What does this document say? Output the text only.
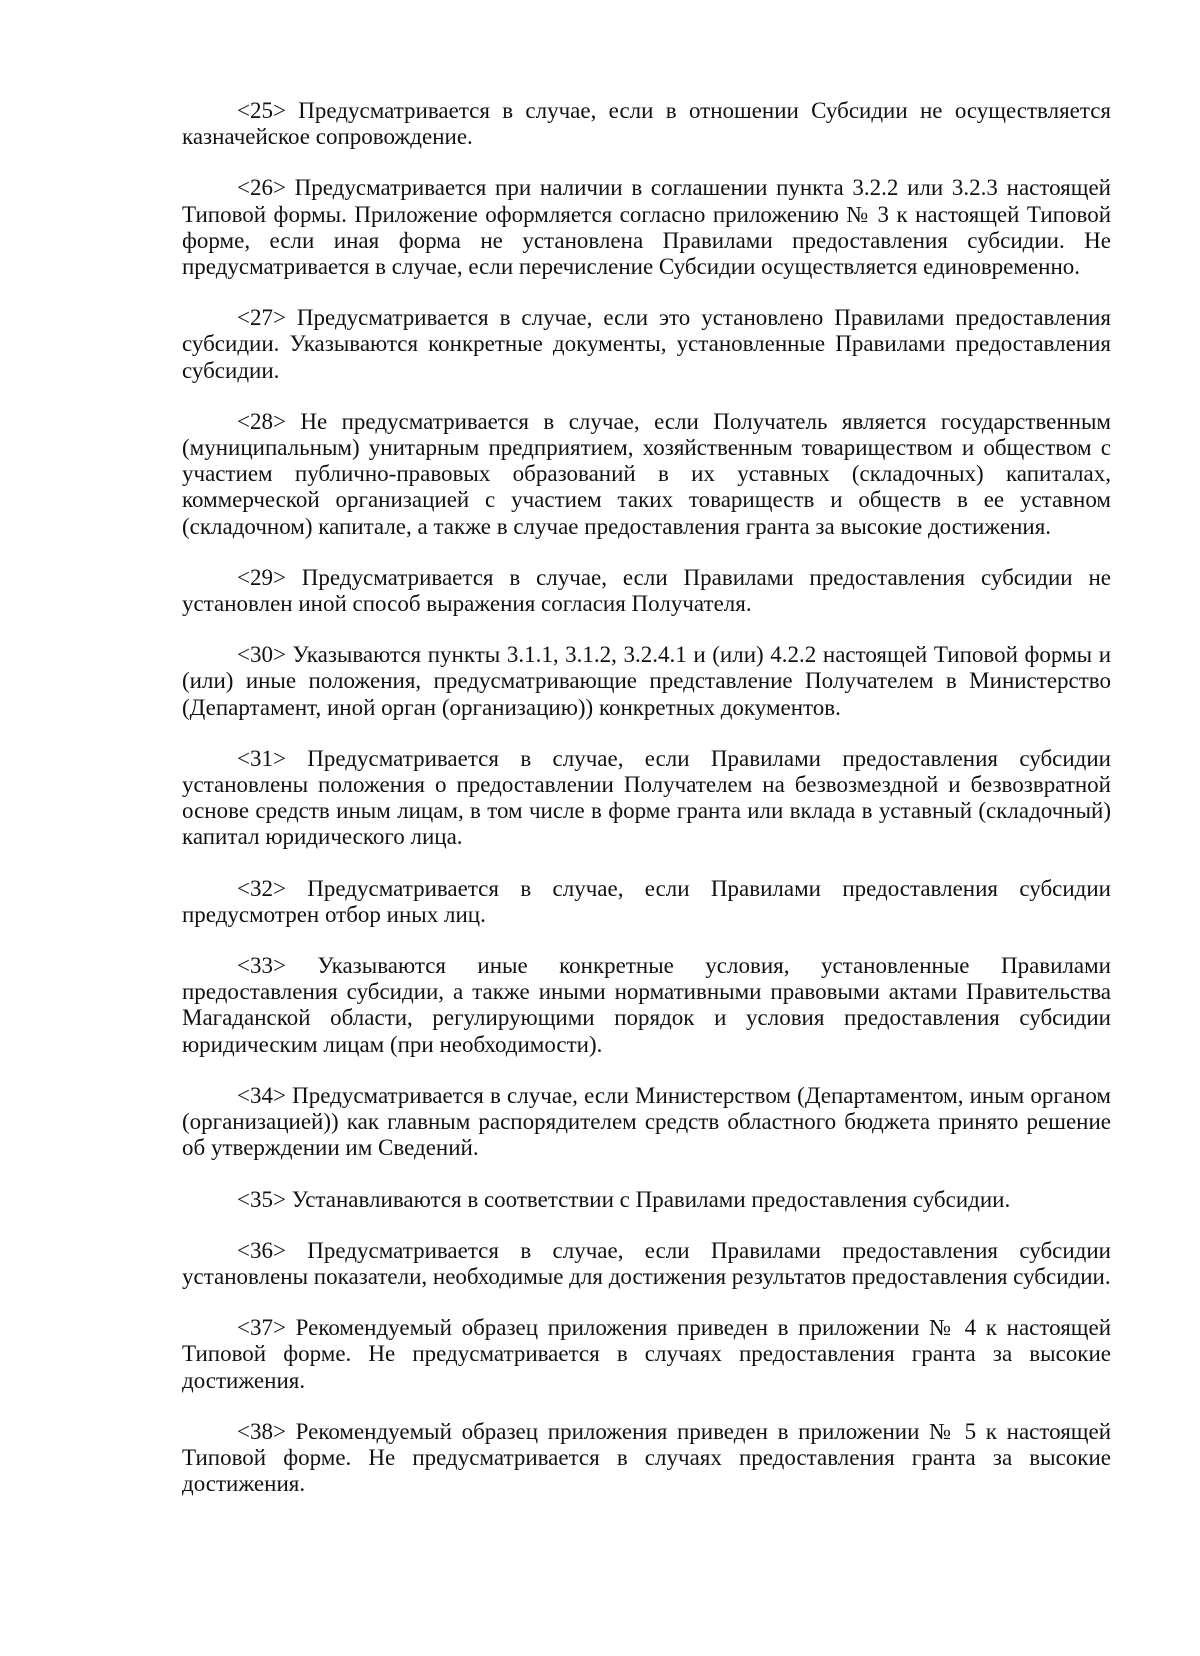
<25> Предусматривается в случае, если в отношении Субсидии не осуществляется казначейское сопровождение.

<26> Предусматривается при наличии в соглашении пункта 3.2.2 или 3.2.3 настоящей Типовой формы. Приложение оформляется согласно приложению № 3 к настоящей Типовой форме, если иная форма не установлена Правилами предоставления субсидии. Не предусматривается в случае, если перечисление Субсидии осуществляется единовременно.

<27> Предусматривается в случае, если это установлено Правилами предоставления субсидии. Указываются конкретные документы, установленные Правилами предоставления субсидии.

<28> Не предусматривается в случае, если Получатель является государственным (муниципальным) унитарным предприятием, хозяйственным товариществом и обществом с участием публично-правовых образований в их уставных (складочных) капиталах, коммерческой организацией с участием таких товариществ и обществ в ее уставном (складочном) капитале, а также в случае предоставления гранта за высокие достижения.

<29> Предусматривается в случае, если Правилами предоставления субсидии не установлен иной способ выражения согласия Получателя.

<30> Указываются пункты 3.1.1, 3.1.2, 3.2.4.1 и (или) 4.2.2 настоящей Типовой формы и (или) иные положения, предусматривающие представление Получателем в Министерство (Департамент, иной орган (организацию)) конкретных документов.

<31> Предусматривается в случае, если Правилами предоставления субсидии установлены положения о предоставлении Получателем на безвозмездной и безвозвратной основе средств иным лицам, в том числе в форме гранта или вклада в уставный (складочный) капитал юридического лица.

<32> Предусматривается в случае, если Правилами предоставления субсидии предусмотрен отбор иных лиц.

<33> Указываются иные конкретные условия, установленные Правилами предоставления субсидии, а также иными нормативными правовыми актами Правительства Магаданской области, регулирующими порядок и условия предоставления субсидии юридическим лицам (при необходимости).

<34> Предусматривается в случае, если Министерством (Департаментом, иным органом (организацией)) как главным распорядителем средств областного бюджета принято решение об утверждении им Сведений.

<35> Устанавливаются в соответствии с Правилами предоставления субсидии.

<36> Предусматривается в случае, если Правилами предоставления субсидии установлены показатели, необходимые для достижения результатов предоставления субсидии.

<37> Рекомендуемый образец приложения приведен в приложении № 4 к настоящей Типовой форме. Не предусматривается в случаях предоставления гранта за высокие достижения.

<38> Рекомендуемый образец приложения приведен в приложении № 5 к настоящей Типовой форме. Не предусматривается в случаях предоставления гранта за высокие достижения.
